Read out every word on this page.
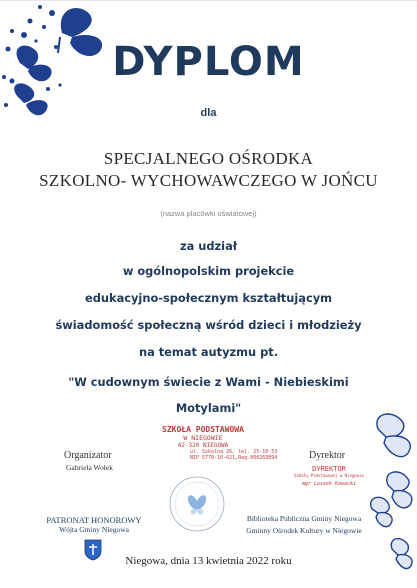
DYPLOM
dla
SPECJALNEGO OŚRODKA
SZKOLNO- WYCHOWAWCZEGO W JOŃCU
(nazwa placówki oświatowej)
za udział
w ogólnopolskim projekcie
edukacyjno-społecznym kształtującym
świadomość społeczną wśród dzieci i młodzieży
na temat autyzmu pt.
"W cudownym świecie z Wami - Niebieskimi
Motylami"
Organizator
Gabriela Wołek
SZKOŁA PODSTAWOWA
W NIEGOWIE
42-320 NIEGOWA
ul. Szkolna 26, tel. 25-10-53
NIP 5770-10-621,Reg.000269894	Dyrektor
DYREKTOR
Szkoły Podstawowej w Niegowie
mgr Leszek Kowacki
PATRONAT HONOROWY
Wójta Gminy Niegowa
Biblioteka Publiczna Gminy Niegowa
Gminny Ośrodek Kultury w Niegowie
Niegowa, dnia 13 kwietnia 2022 roku
